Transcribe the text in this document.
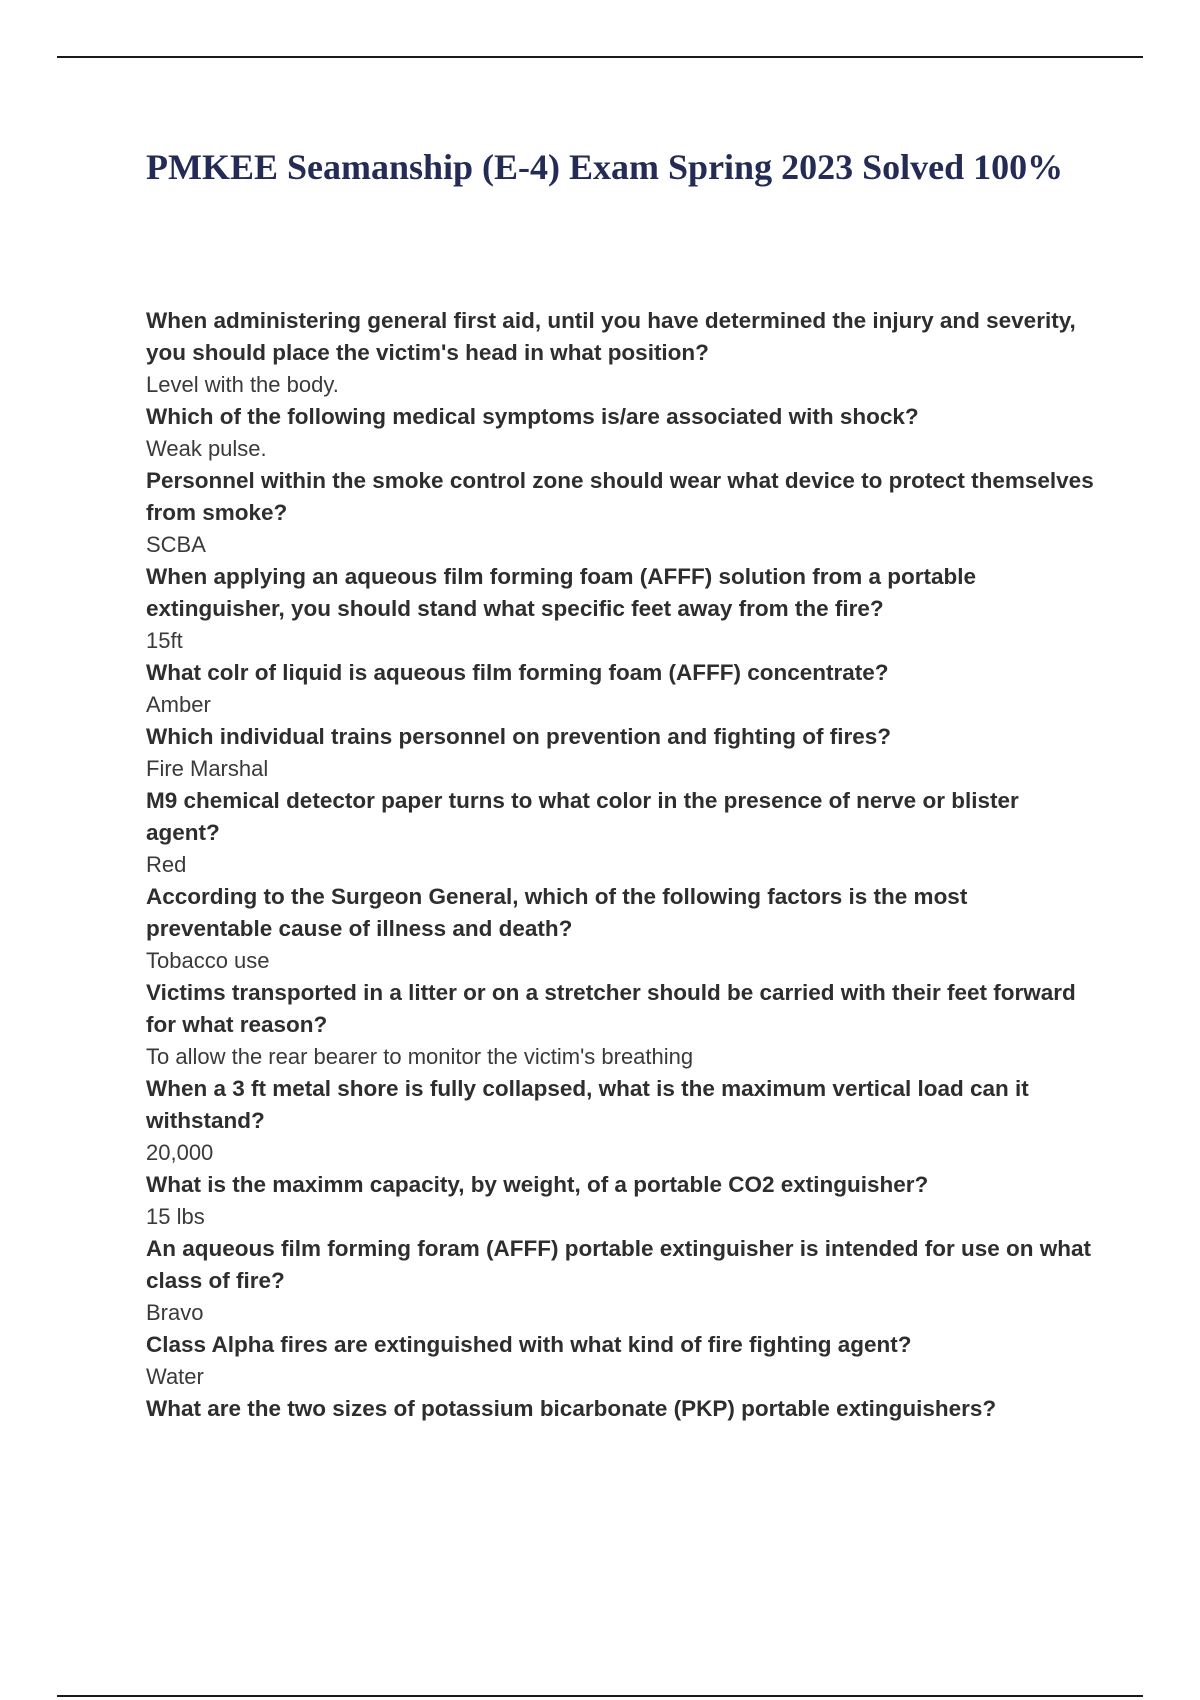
PMKEE Seamanship (E-4) Exam Spring 2023 Solved 100%
When administering general first aid, until you have determined the injury and severity, you should place the victim's head in what position?
Level with the body.
Which of the following medical symptoms is/are associated with shock?
Weak pulse.
Personnel within the smoke control zone should wear what device to protect themselves from smoke?
SCBA
When applying an aqueous film forming foam (AFFF) solution from a portable extinguisher, you should stand what specific feet away from the fire?
15ft
What colr of liquid is aqueous film forming foam (AFFF) concentrate?
Amber
Which individual trains personnel on prevention and fighting of fires?
Fire Marshal
M9 chemical detector paper turns to what color in the presence of nerve or blister agent?
Red
According to the Surgeon General, which of the following factors is the most preventable cause of illness and death?
Tobacco use
Victims transported in a litter or on a stretcher should be carried with their feet forward for what reason?
To allow the rear bearer to monitor the victim's breathing
When a 3 ft metal shore is fully collapsed, what is the maximum vertical load can it withstand?
20,000
What is the maximm capacity, by weight, of a portable CO2 extinguisher?
15 lbs
An aqueous film forming foram (AFFF) portable extinguisher is intended for use on what class of fire?
Bravo
Class Alpha fires are extinguished with what kind of fire fighting agent?
Water
What are the two sizes of potassium bicarbonate (PKP) portable extinguishers?
